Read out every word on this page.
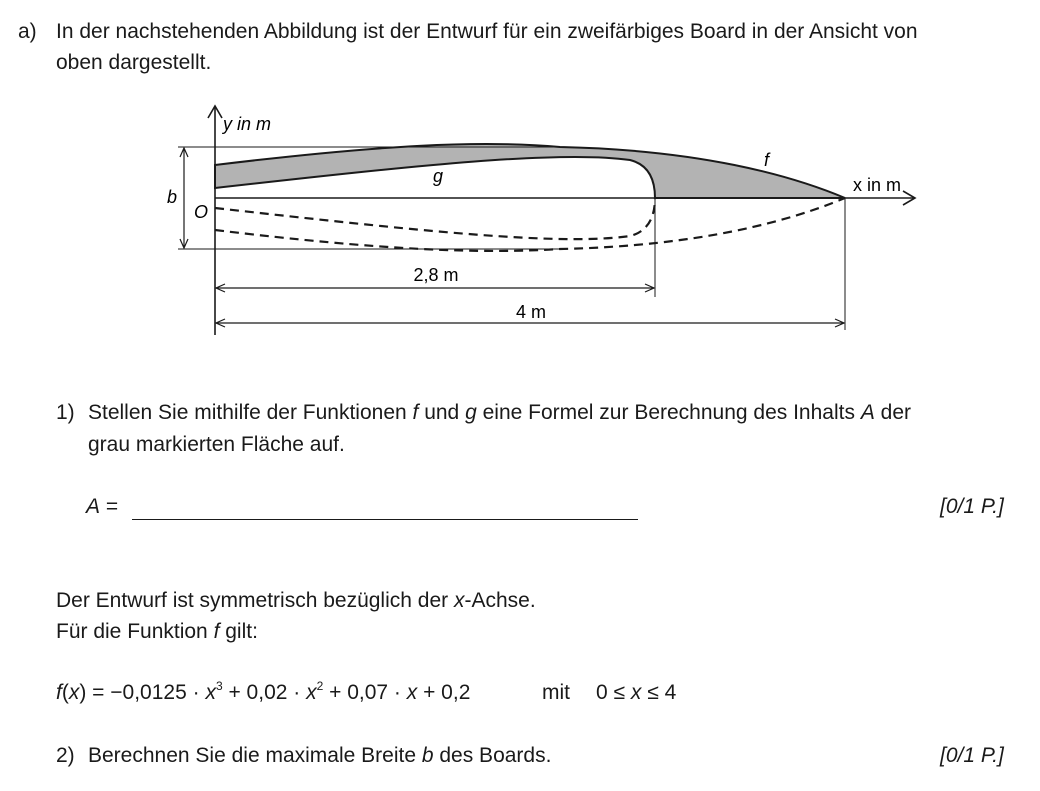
a) In der nachstehenden Abbildung ist der Entwurf für ein zweifärbiges Board in der Ansicht von
oben dargestellt.
y in m
x in m
O
b
f
g
2,8 m
4 m
1) Stellen Sie mithilfe der Funktionen f und g eine Formel zur Berechnung des Inhalts A der
grau markierten Fläche auf.
A =	[0/1 P.]
Der Entwurf ist symmetrisch bezüglich der x-Achse.
Für die Funktion f gilt:
$f(x) = -0,0125 \cdot x^3 + 0,02 \cdot x^2 + 0,07 \cdot x + 0,2$	mit 0 ≤ x ≤ 4
2) Berechnen Sie die maximale Breite b des Boards.	[0/1 P.]
